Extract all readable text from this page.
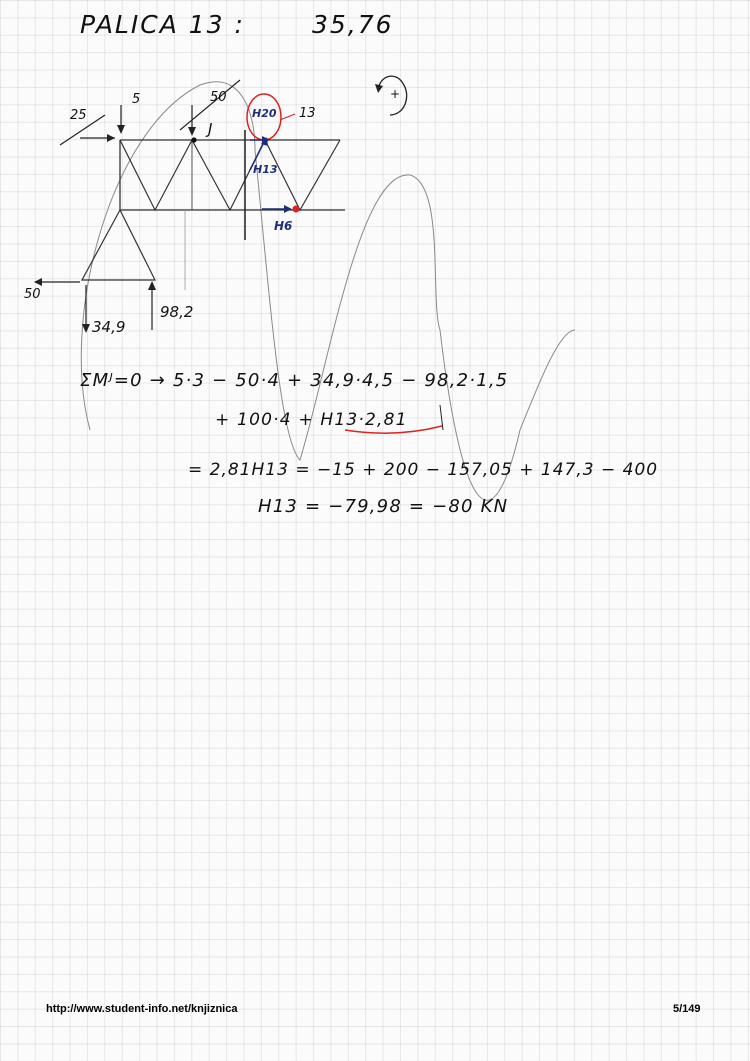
PALICA 13 :	35,76
25
5	50
J
H20 13
H13
H6
50
34,9
98,2
+
ΣMᴶ=0 → 5·3 − 50·4 + 34,9·4,5 − 98,2·1,5
+ 100·4 + H13·2,81
= 2,81H13 = −15 + 200 − 157,05 + 147,3 − 400
H13 = −79,98 = −80 KN
http://www.student-info.net/knjiznica	5/149
